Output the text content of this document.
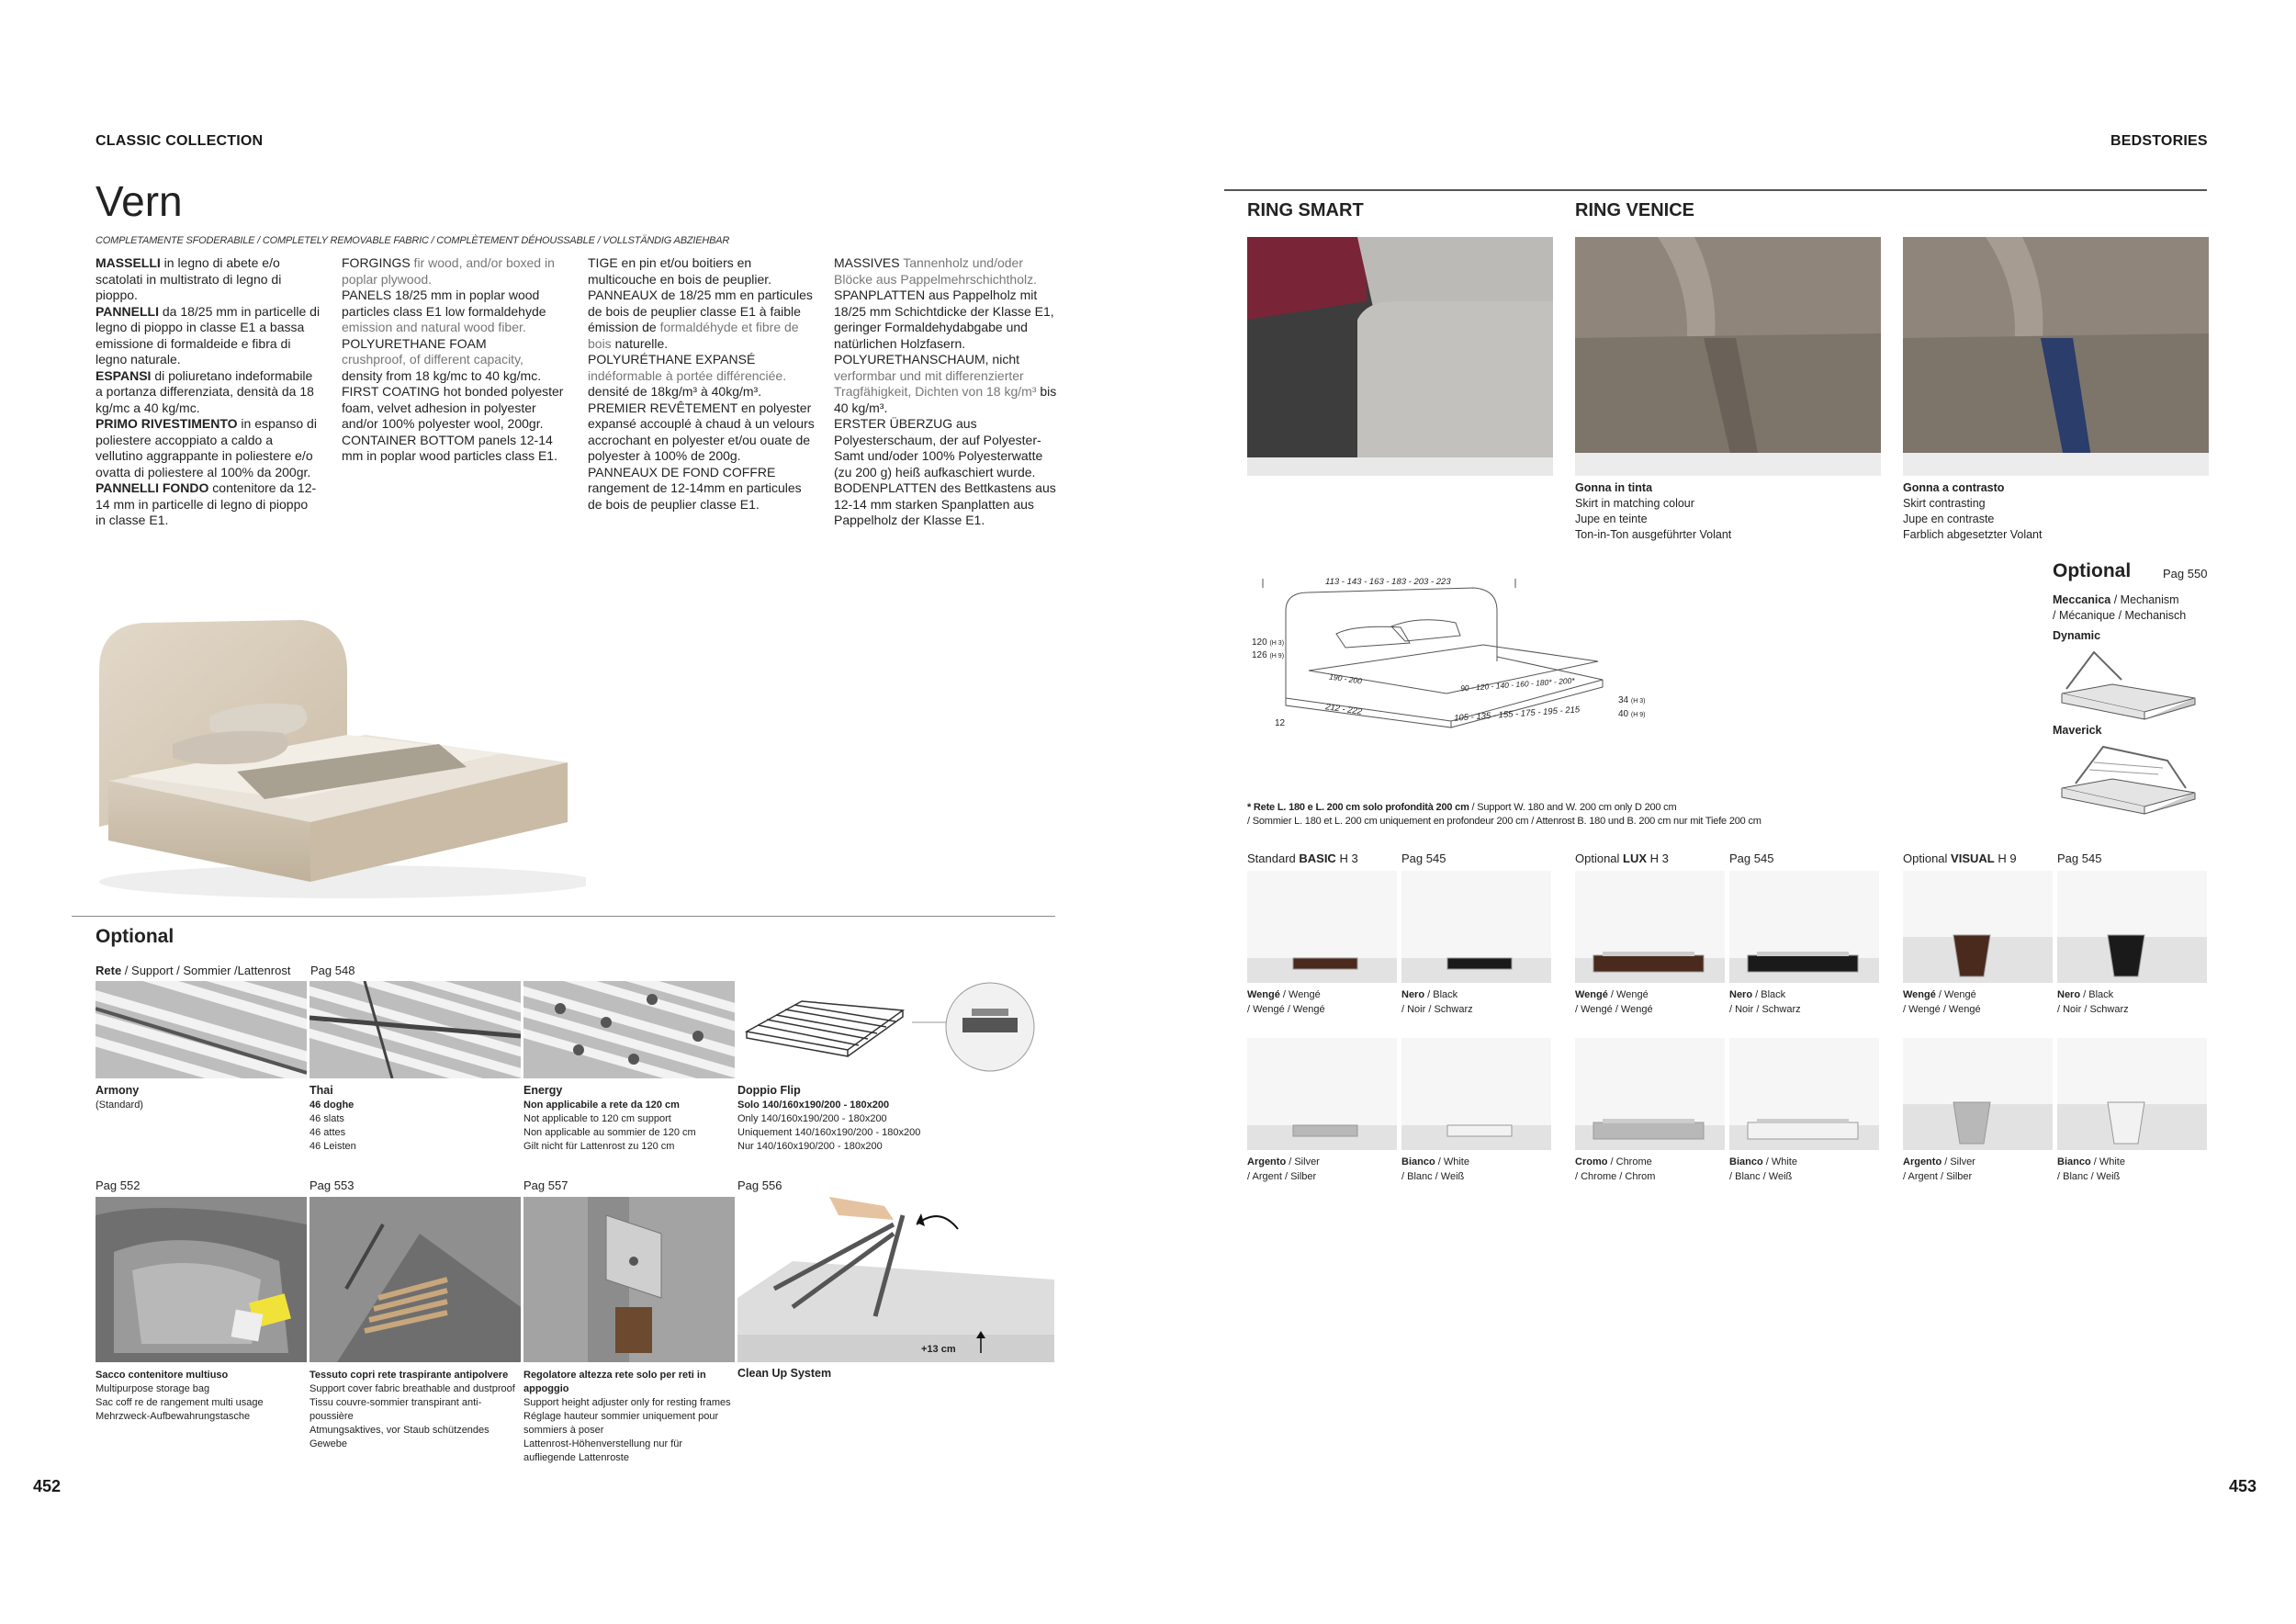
CLASSIC COLLECTION
Vern
COMPLETAMENTE SFODERABILE / COMPLETELY REMOVABLE FABRIC / COMPLÈTEMENT DÉHOUSSABLE / VOLLSTÄNDIG ABZIEHBAR
MASSELLI in legno di abete e/o scatolati in multistrato di legno di pioppo.
PANNELLI da 18/25 mm in particelle di legno di pioppo in classe E1 a bassa emissione di formaldeide e fibra di legno naturale.
ESPANSI di poliuretano indeformabile a portanza differenziata, densità da 18 kg/mc a 40 kg/mc.
PRIMO RIVESTIMENTO in espanso di poliestere accoppiato a caldo a vellutino aggrappante in poliestere e/o ovatta di poliestere al 100% da 200gr.
PANNELLI FONDO contenitore da 12-14 mm in particelle di legno di pioppo in classe E1.
FORGINGS fir wood, and/or boxed in poplar plywood.
PANELS 18/25 mm in poplar wood particles class E1 low formaldehyde emission and natural wood fiber.
POLYURETHANE FOAM
crushproof, of different capacity, density from 18 kg/mc to 40 kg/mc.
FIRST COATING hot bonded polyester foam, velvet adhesion in polyester and/or 100% polyester wool, 200gr.
CONTAINER BOTTOM panels 12-14 mm in poplar wood particles class E1.
TIGE en pin et/ou boitiers en multicouche en bois de peuplier.
PANNEAUX de 18/25 mm en particules de bois de peuplier classe E1 à faible émission de formaldéhyde et fibre de bois naturelle.
POLYURÉTHANE EXPANSÉ
indéformable à portée différenciée. densité de 18kg/m³ à 40kg/m³.
PREMIER REVÊTEMENT en polyester expansé accouplé à chaud à un velours accrochant en polyester et/ou ouate de polyester à 100% de 200g.
PANNEAUX DE FOND COFFRE rangement de 12-14mm en particules de bois de peuplier classe E1.
MASSIVES Tannenholz und/oder Blöcke aus Pappelmehrschichtholz.
SPANPLATTEN aus Pappelholz mit 18/25 mm Schichtdicke der Klasse E1, geringer Formaldehydabgabe und natürlichen Holzfasern.
POLYURETHANSCHAUM, nicht verformbar und mit differenzierter Tragfähigkeit, Dichten von 18 kg/m³ bis 40 kg/m³.
ERSTER ÜBERZUG aus Polyesterschaum, der auf Polyester-Samt und/oder 100% Polyesterwatte (zu 200 g) heiß aufkaschiert wurde.
BODENPLATTEN des Bettkastens aus 12-14 mm starken Spanplatten aus Pappelholz der Klasse E1.
Optional
Rete / Support / Sommier /Lattenrost Pag 548
Armony
(Standard)
Thai
46 doghe
46 slats
46 attes
46 Leisten
Energy
Non applicabile a rete da 120 cm
Not applicable to 120 cm support
Non applicable au sommier de 120 cm
Gilt nicht für Lattenrost zu 120 cm
Doppio Flip
Solo 140/160x190/200 - 180x200
Only 140/160x190/200 - 180x200
Uniquement 140/160x190/200 - 180x200
Nur 140/160x190/200 - 180x200
Pag 552	Pag 553	Pag 557	Pag 556
+13 cm
Sacco contenitore multiuso
Multipurpose storage bag
Sac coff re de rangement multi usage
Mehrzweck-Aufbewahrungstasche
Tessuto copri rete traspirante antipolvere
Support cover fabric breathable and dustproof
Tissu couvre-sommier transpirant anti-
poussière
Atmungsaktives, vor Staub schützendes
Gewebe
Regolatore altezza rete solo per reti in
appoggio
Support height adjuster only for resting frames
Réglage hauteur sommier uniquement pour
sommiers à poser
Lattenrost-Höhenverstellung nur für
aufliegende Lattenroste
Clean Up System
452
BEDSTORIES
RING SMART	RING VENICE
Gonna in tinta
Skirt in matching colour
Jupe en teinte
Ton-in-Ton ausgeführter Volant
Gonna a contrasto
Skirt contrasting
Jupe en contraste
Farblich abgesetzter Volant
113 - 143 - 163 - 183 - 203 - 223
120 (H 3)
126 (H 9)
190 - 200	90 - 120 - 140 - 160 - 180* - 200*
212 - 222	105 - 135 - 155 - 175 - 195 - 215
34 (H 3)
40 (H 9)
12
* Rete L. 180 e L. 200 cm solo profondità 200 cm / Support W. 180 and W. 200 cm only D 200 cm
/ Sommier L. 180 et L. 200 cm uniquement en profondeur 200 cm / Attenrost B. 180 und B. 200 cm nur mit Tiefe 200 cm
Optional	Pag 550
Meccanica / Mechanism
/ Mécanique / Mechanisch
Dynamic
Maverick
Standard BASIC H 3	Pag 545
Wengé / Wengé
/ Wengé / Wengé
Nero / Black
/ Noir / Schwarz
Argento / Silver
/ Argent / Silber
Bianco / White
/ Blanc / Weiß
Optional LUX H 3	Pag 545
Wengé / Wengé
/ Wengé / Wengé
Nero / Black
/ Noir / Schwarz
Cromo / Chrome
/ Chrome / Chrom
Bianco / White
/ Blanc / Weiß
Optional VISUAL H 9	Pag 545
Wengé / Wengé
/ Wengé / Wengé
Nero / Black
/ Noir / Schwarz
Argento / Silver
/ Argent / Silber
Bianco / White
/ Blanc / Weiß
453
